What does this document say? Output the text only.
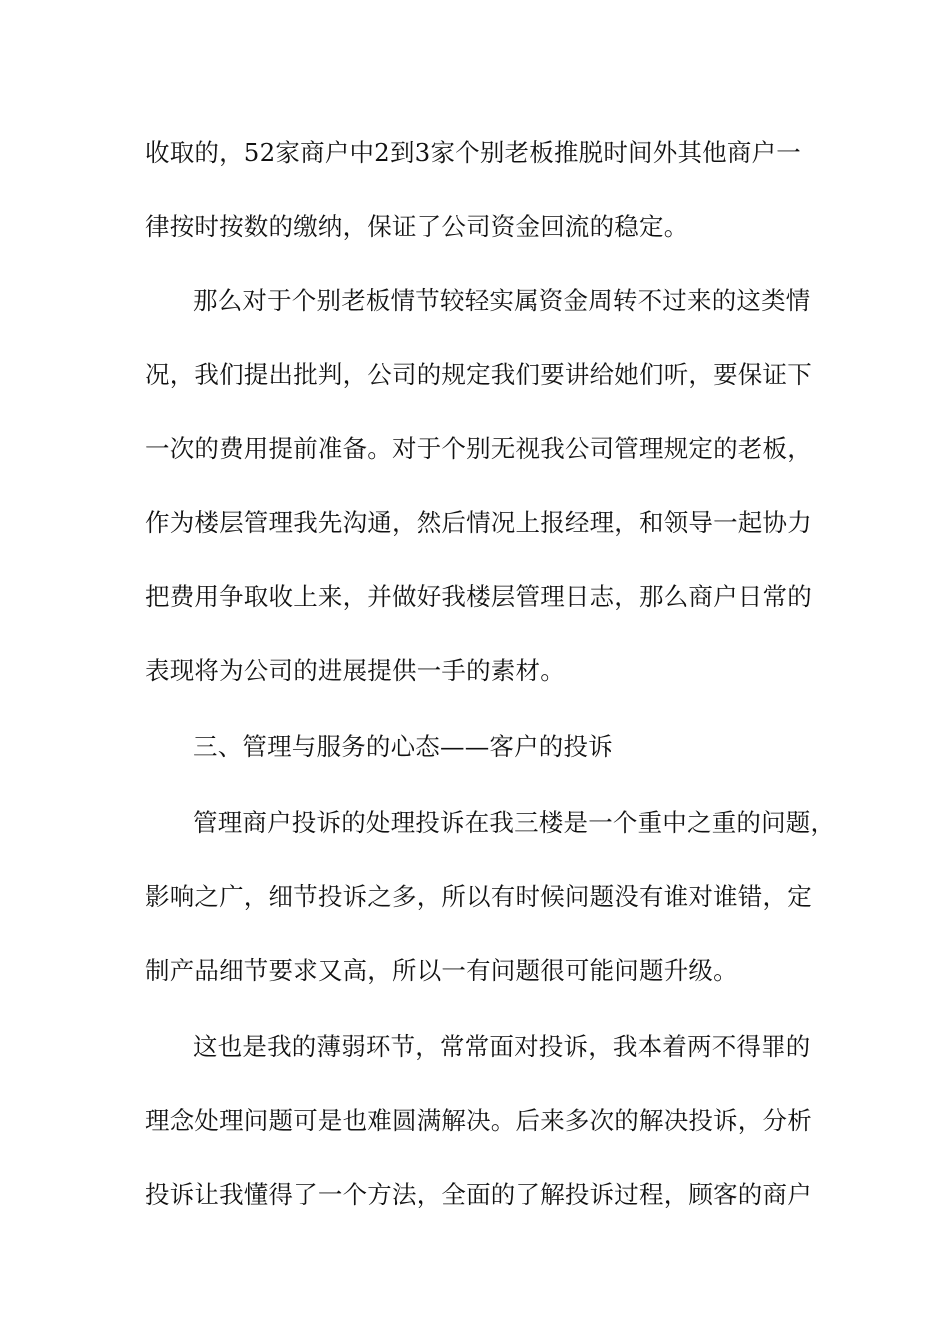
收取的，52家商户中2到3家个别老板推脱时间外其他商户一
律按时按数的缴纳，保证了公司资金回流的稳定。
那么对于个别老板情节较轻实属资金周转不过来的这类情
况，我们提出批判，公司的规定我们要讲给她们听，要保证下
一次的费用提前准备。对于个别无视我公司管理规定的老板，
作为楼层管理我先沟通，然后情况上报经理，和领导一起协力
把费用争取收上来，并做好我楼层管理日志，那么商户日常的
表现将为公司的进展提供一手的素材。
三、管理与服务的心态——客户的投诉
管理商户投诉的处理投诉在我三楼是一个重中之重的问题，
影响之广，细节投诉之多，所以有时候问题没有谁对谁错，定
制产品细节要求又高，所以一有问题很可能问题升级。
这也是我的薄弱环节，常常面对投诉，我本着两不得罪的
理念处理问题可是也难圆满解决。后来多次的解决投诉，分析
投诉让我懂得了一个方法，全面的了解投诉过程，顾客的商户
